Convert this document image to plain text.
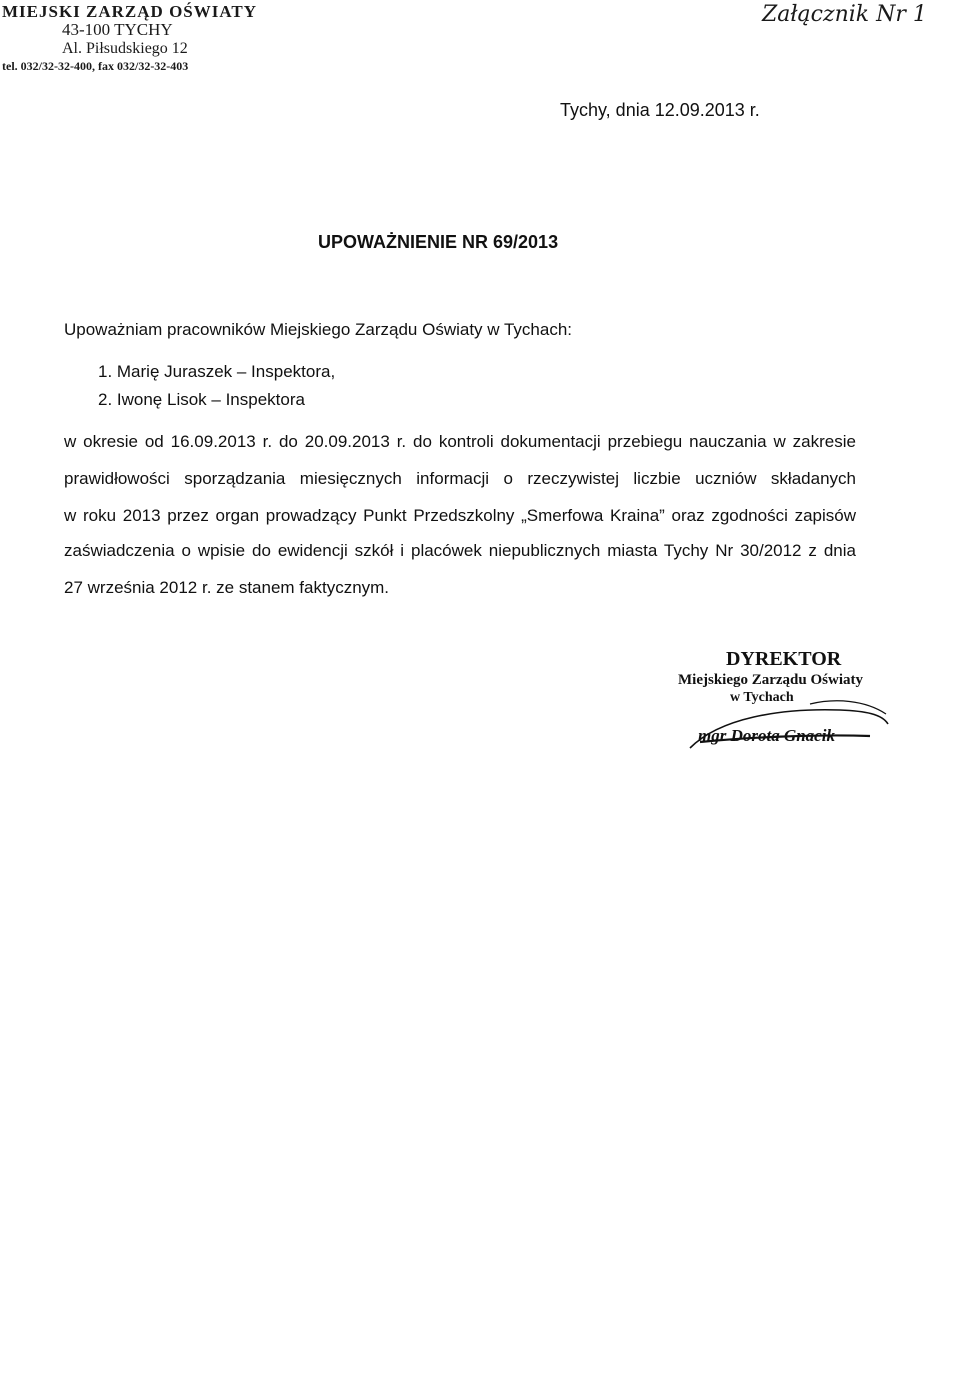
MIEJSKI ZARZĄD OŚWIATY
43-100 TYCHY
Al. Piłsudskiego 12
tel. 032/32-32-400, fax 032/32-32-403
Załącznik Nr 1
Tychy, dnia 12.09.2013 r.
UPOWAŻNIENIE NR 69/2013
Upoważniam pracowników Miejskiego Zarządu Oświaty w Tychach:
1. Marię Juraszek – Inspektora,
2. Iwonę Lisok – Inspektora
w okresie od 16.09.2013 r. do 20.09.2013 r. do kontroli dokumentacji przebiegu nauczania w zakresie
prawidłowości sporządzania miesięcznych informacji o rzeczywistej liczbie uczniów składanych
w roku 2013 przez organ prowadzący Punkt Przedszkolny „Smerfowa Kraina” oraz zgodności zapisów
zaświadczenia o wpisie do ewidencji szkół i placówek niepublicznych miasta Tychy Nr 30/2012 z dnia
27 września 2012 r. ze stanem faktycznym.
DYREKTOR
Miejskiego Zarządu Oświaty
w Tychach
mgr Dorota Gnacik
